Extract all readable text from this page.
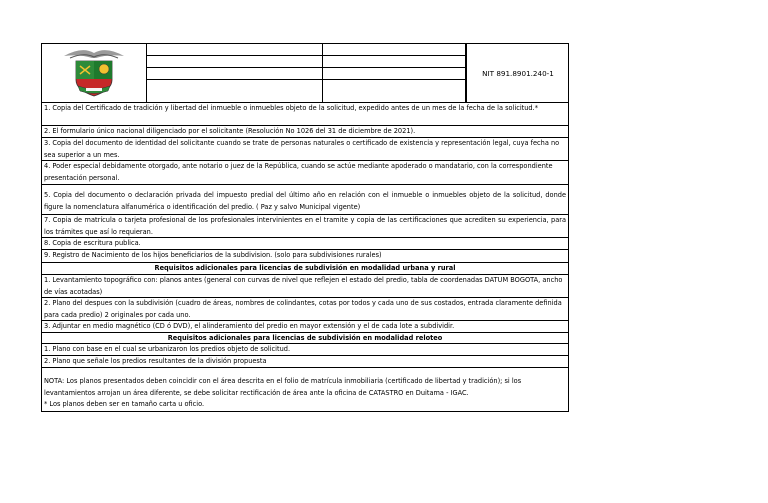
NIT 891.8901.240-1
1. Copia del Certificado de tradición y libertad del inmueble o inmuebles objeto de la solicitud, expedido antes de un mes de la fecha de la solicitud.*
2. El formulario único nacional diligenciado por el solicitante (Resolución No 1026 del 31 de diciembre de 2021).
3. Copia del documento de identidad del solicitante cuando se trate de personas naturales o certificado de existencia y representación legal, cuya fecha no sea superior a un mes.
4. Poder especial debidamente otorgado, ante notario o juez de la República, cuando se actúe mediante apoderado o mandatario, con la correspondiente presentación personal.
5. Copia del documento o declaración privada del impuesto predial del último año en relación con el inmueble o inmuebles objeto de la solicitud, donde figure la nomenclatura alfanumérica o identificación del predio. ( Paz y salvo Municipal vigente)
7. Copia de matrícula o tarjeta profesional de los profesionales intervinientes en el tramite y copia de las certificaciones que acrediten su experiencia, para los trámites que así lo requieran.
8. Copia de escritura publica.
9. Registro de Nacimiento de los hijos beneficiarios de la subdivision. (solo para subdivisiones rurales)
Requisitos adicionales para licencias de subdivisión en modalidad urbana y rural
1. Levantamiento topográfico con: planos antes (general con curvas de nivel que reflejen el estado del predio, tabla de coordenadas DATUM BOGOTA, ancho de vías acotadas)
2. Plano del despues con la subdivisión (cuadro de áreas, nombres de colindantes, cotas por todos y cada uno de sus costados, entrada claramente definida para cada predio) 2 originales por cada uno.
3. Adjuntar en medio magnético (CD ó DVD), el alinderamiento del predio en mayor extensión y el de cada lote a subdividir.
Requisitos adicionales para licencias de subdivisión en modalidad reloteo
1. Plano con base en el cual se urbanizaron los predios objeto de solicitud.
2. Plano que señale los predios resultantes de la división propuesta
NOTA: Los planos presentados deben coincidir con el área descrita en el folio de matrícula inmobiliaria (certificado de libertad y tradición); si los levantamientos arrojan un área diferente, se debe solicitar rectificación de área ante la oficina de CATASTRO en Duitama - IGAC.
* Los planos deben ser en tamaño carta u oficio.
